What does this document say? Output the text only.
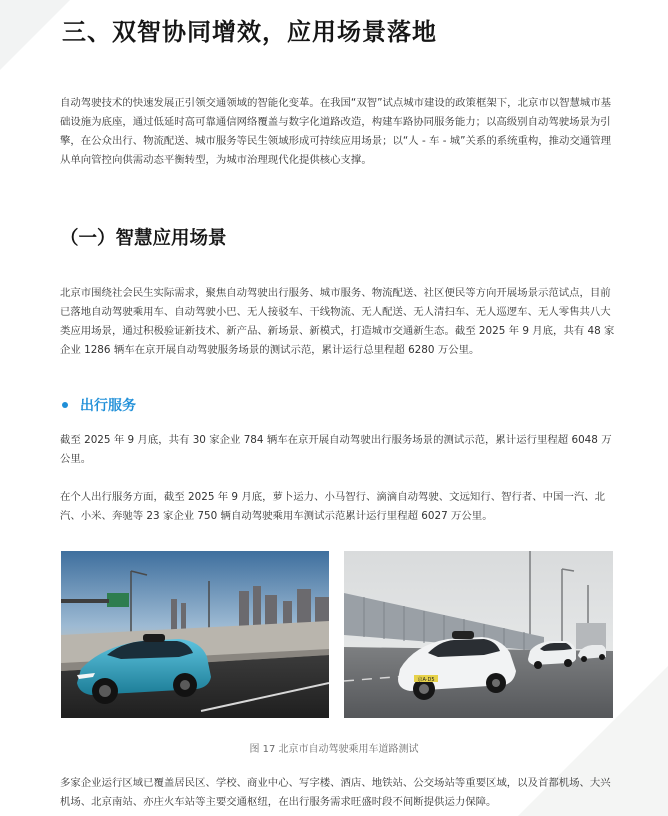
三、双智协同增效，应用场景落地
自动驾驶技术的快速发展正引领交通领域的智能化变革。在我国“双智”试点城市建设的政策框架下，北京市以智慧城市基础设施为底座，通过低延时高可靠通信网络覆盖与数字化道路改造，构建车路协同服务能力；以高级别自动驾驶场景为引擎，在公众出行、物流配送、城市服务等民生领域形成可持续应用场景；以“人 - 车 - 城”关系的系统重构，推动交通管理从单向管控向供需动态平衡转型，为城市治理现代化提供核心支撑。
（一）智慧应用场景
北京市围绕社会民生实际需求，聚焦自动驾驶出行服务、城市服务、物流配送、社区便民等方向开展场景示范试点，目前已落地自动驾驶乘用车、自动驾驶小巴、无人接驳车、干线物流、无人配送、无人清扫车、无人巡逻车、无人零售共八大类应用场景，通过积极验证新技术、新产品、新场景、新模式，打造城市交通新生态。截至 2025 年 9 月底，共有 48 家企业 1286 辆车在京开展自动驾驶服务场景的测试示范，累计运行总里程超 6280 万公里。
出行服务
截至 2025 年 9 月底，共有 30 家企业 784 辆车在京开展自动驾驶出行服务场景的测试示范，累计运行里程超 6048 万公里。
在个人出行服务方面，截至 2025 年 9 月底，萝卜运力、小马智行、滴滴自动驾驶、文远知行、智行者、中国一汽、北汽、小米、奔驰等 23 家企业 750 辆自动驾驶乘用车测试示范累计运行里程超 6027 万公里。
京A·D5
图 17 北京市自动驾驶乘用车道路测试
多家企业运行区域已覆盖居民区、学校、商业中心、写字楼、酒店、地铁站、公交场站等重要区域，以及首都机场、大兴机场、北京南站、亦庄火车站等主要交通枢纽，在出行服务需求旺盛时段不间断提供运力保障。
